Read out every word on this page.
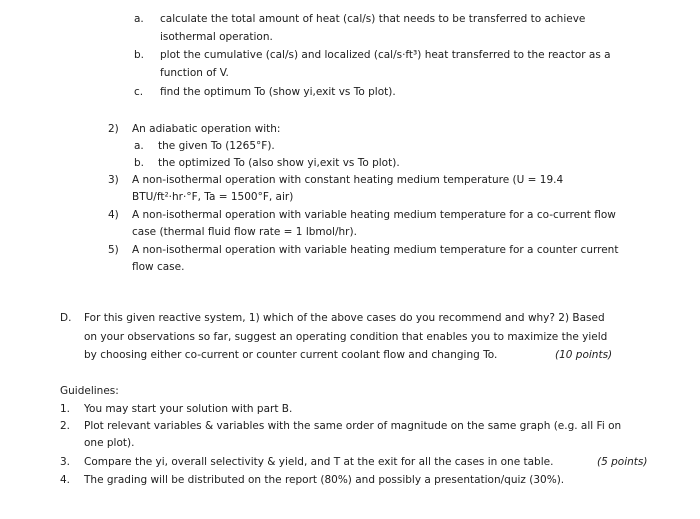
a. calculate the total amount of heat (cal/s) that needs to be transferred to achieve
isothermal operation.
b. plot the cumulative (cal/s) and localized (cal/s·ft³) heat transferred to the reactor as a
function of V.
c. find the optimum To (show yi,exit vs To plot).
2) An adiabatic operation with:
a. the given To (1265°F).
b. the optimized To (also show yi,exit vs To plot).
3) A non-isothermal operation with constant heating medium temperature (U = 19.4
BTU/ft²·hr·°F, Ta = 1500°F, air)
4) A non-isothermal operation with variable heating medium temperature for a co-current flow
case (thermal fluid flow rate = 1 lbmol/hr).
5) A non-isothermal operation with variable heating medium temperature for a counter current
flow case.
D. For this given reactive system, 1) which of the above cases do you recommend and why? 2) Based
on your observations so far, suggest an operating condition that enables you to maximize the yield
by choosing either co-current or counter current coolant flow and changing To.	(10 points)
Guidelines:
1. You may start your solution with part B.
2. Plot relevant variables & variables with the same order of magnitude on the same graph (e.g. all Fi on
one plot).
3. Compare the yi, overall selectivity & yield, and T at the exit for all the cases in one table.	(5 points)
4. The grading will be distributed on the report (80%) and possibly a presentation/quiz (30%).
